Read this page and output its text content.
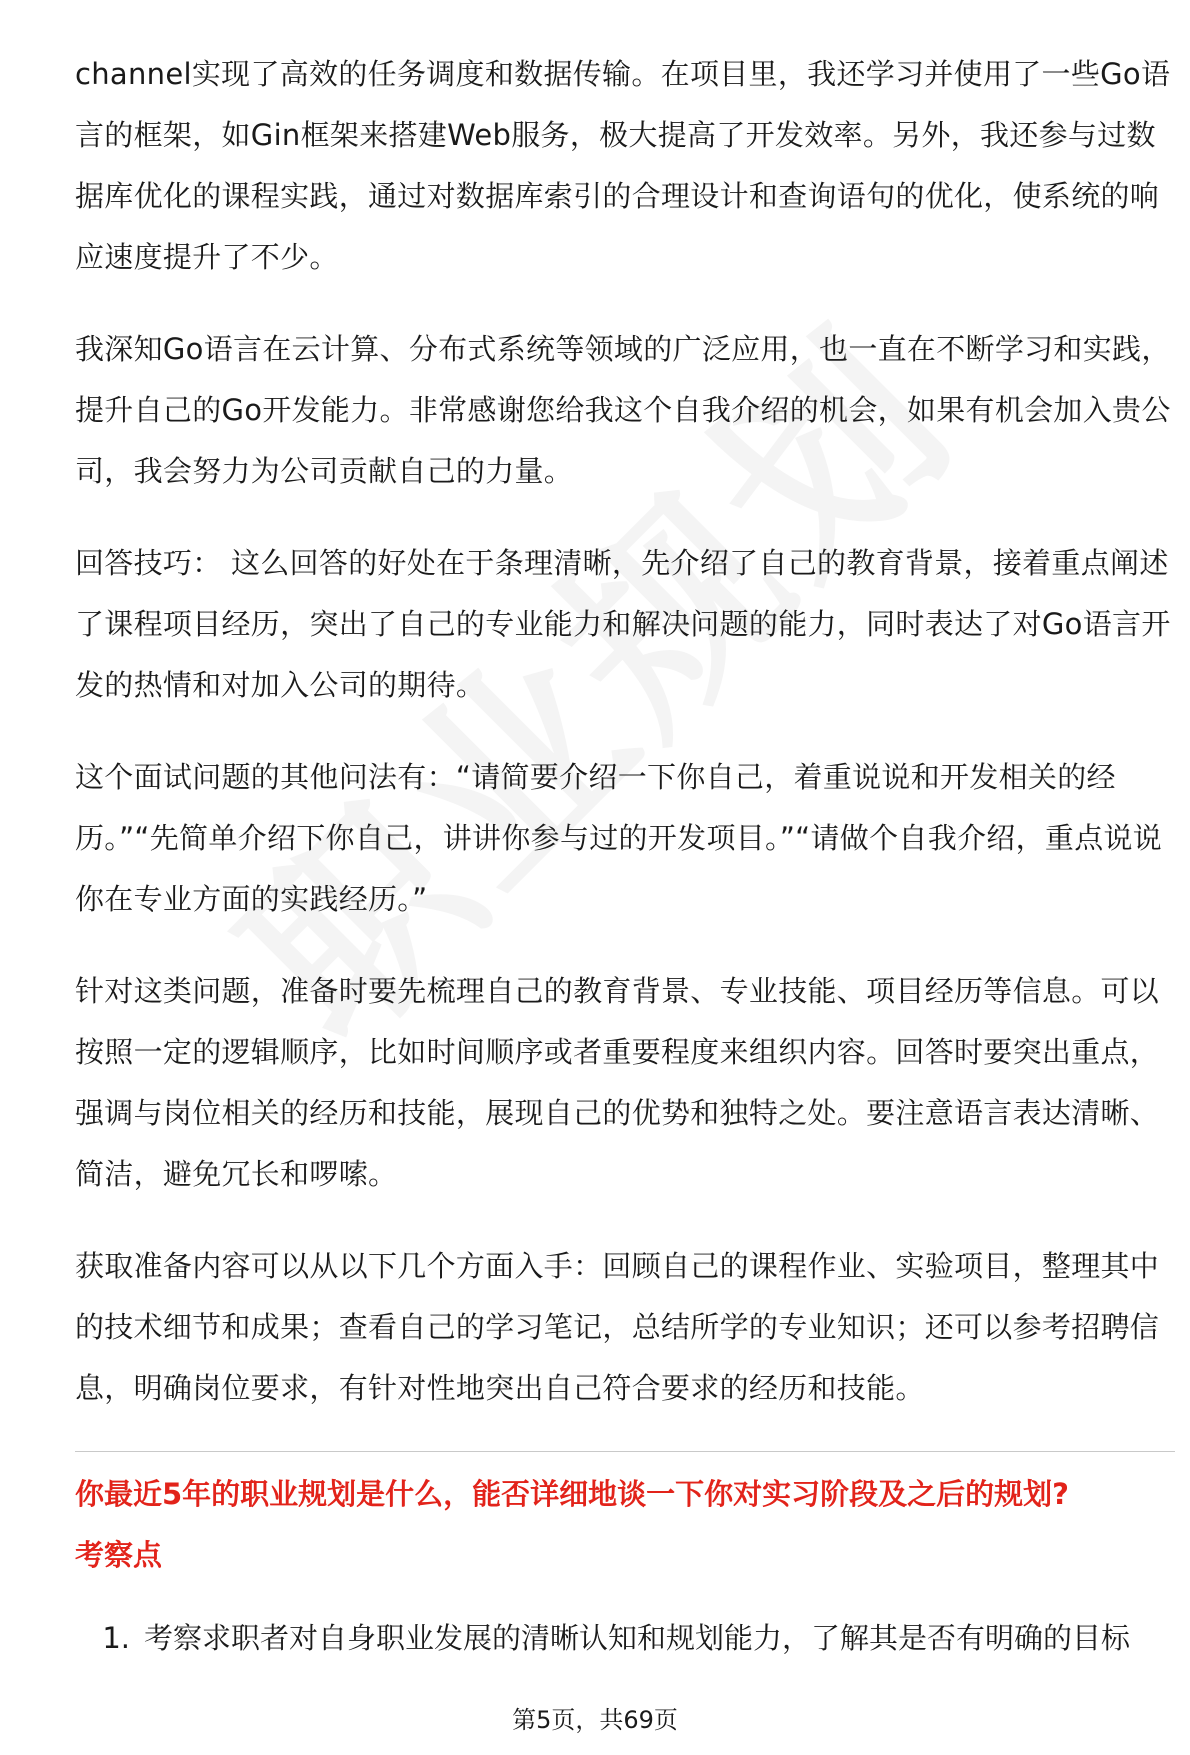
channel实现了高效的任务调度和数据传输。在项目里，我还学习并使用了一些Go语言的框架，如Gin框架来搭建Web服务，极大提高了开发效率。另外，我还参与过数据库优化的课程实践，通过对数据库索引的合理设计和查询语句的优化，使系统的响应速度提升了不少。

我深知Go语言在云计算、分布式系统等领域的广泛应用，也一直在不断学习和实践，提升自己的Go开发能力。非常感谢您给我这个自我介绍的机会，如果有机会加入贵公司，我会努力为公司贡献自己的力量。

回答技巧： 这么回答的好处在于条理清晰，先介绍了自己的教育背景，接着重点阐述了课程项目经历，突出了自己的专业能力和解决问题的能力，同时表达了对Go语言开发的热情和对加入公司的期待。

这个面试问题的其他问法有：“请简要介绍一下你自己，着重说说和开发相关的经历。”“先简单介绍下你自己，讲讲你参与过的开发项目。”“请做个自我介绍，重点说说你在专业方面的实践经历。”

针对这类问题，准备时要先梳理自己的教育背景、专业技能、项目经历等信息。可以按照一定的逻辑顺序，比如时间顺序或者重要程度来组织内容。回答时要突出重点，强调与岗位相关的经历和技能，展现自己的优势和独特之处。要注意语言表达清晰、简洁，避免冗长和啰嗦。

获取准备内容可以从以下几个方面入手：回顾自己的课程作业、实验项目，整理其中的技术细节和成果；查看自己的学习笔记，总结所学的专业知识；还可以参考招聘信息，明确岗位要求，有针对性地突出自己符合要求的经历和技能。

你最近5年的职业规划是什么，能否详细地谈一下你对实习阶段及之后的规划?
考察点
1. 考察求职者对自身职业发展的清晰认知和规划能力，了解其是否有明确的目标
第5页，共69页
